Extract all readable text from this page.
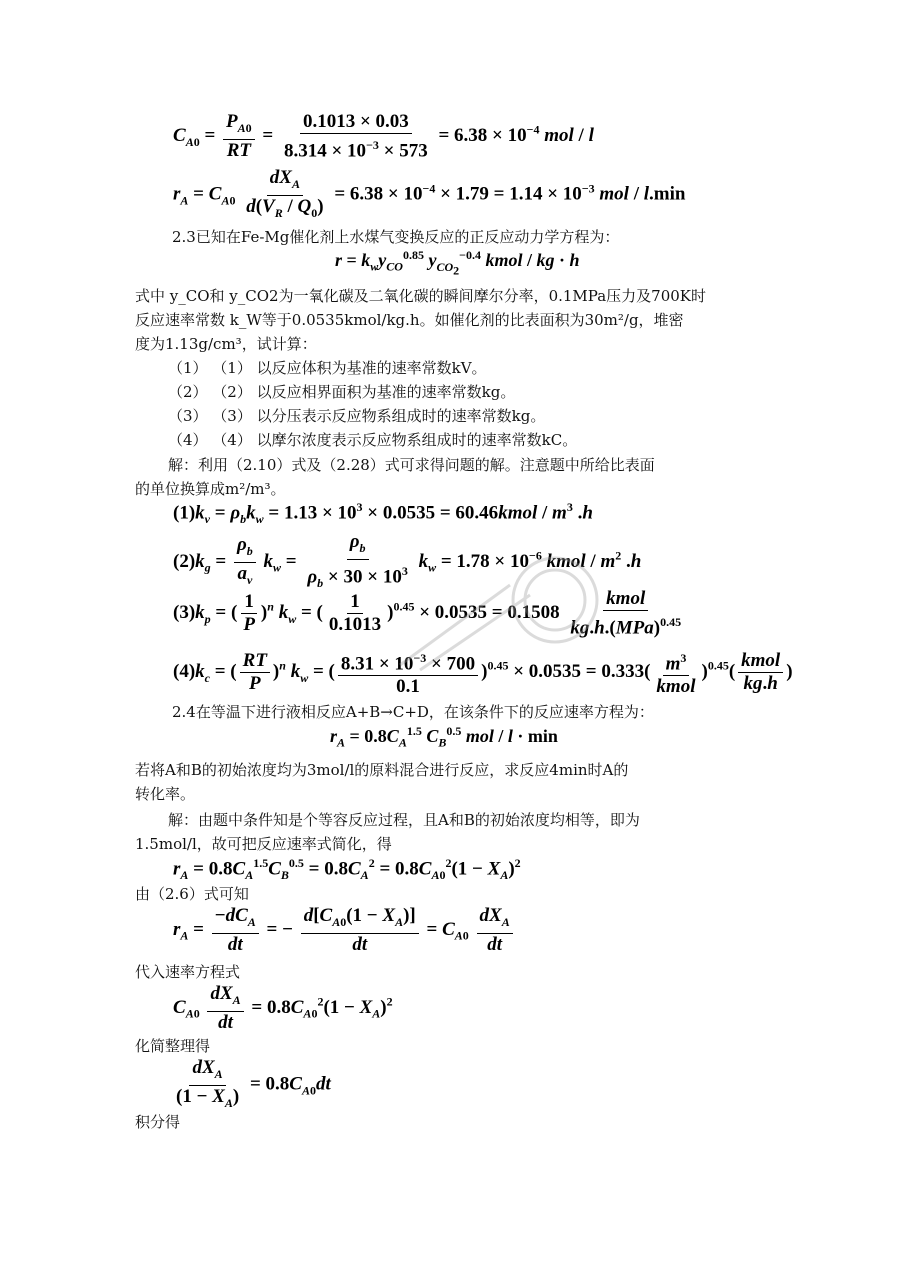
$C_{A0} = \frac{P_{A0}}{RT} = \frac{0.1013 \times 0.03}{8.314 \times 10^{-3} \times 573} = 6.38 \times 10^{-4}$ mol / l
$r_A = C_{A0} \frac{dX_A}{d(V_R / Q_0)} = 6.38 \times 10^{-4} \times 1.79 = 1.14 \times 10^{-3}$ mol / l.min
2.3已知在Fe-Mg催化剂上水煤气变换反应的正反应动力学方程为：
$r = k_wy_{CO}^{0.85}$ $y_{CO_2}^{-0.4}$ kmol / kg · h
式中 y_CO和 y_CO2为一氧化碳及二氧化碳的瞬间摩尔分率，0.1MPa压力及700K时
反应速率常数 k_W等于0.0535kmol/kg.h。如催化剂的比表面积为30m²/g，堆密
度为1.13g/cm³，试计算：
（1） （1） 以反应体积为基准的速率常数kV。
（2） （2） 以反应相界面积为基准的速率常数kg。
（3） （3） 以分压表示反应物系组成时的速率常数kg。
（4） （4） 以摩尔浓度表示反应物系组成时的速率常数kC。
解：利用（2.10）式及（2.28）式可求得问题的解。注意题中所给比表面
的单位换算成m²/m³。
$(1)k_v = \rho_bk_w = 1.13 \times 10^3 \times 0.0535$ = 60.46kmol / $m^3$ .h
$(2)k_g = \frac{\rho_b}{a_v} k_w = \frac{\rho_b}{\rho_b \times 30 \times 10^3} k_w = 1.78 \times 10^{-6}$ kmol / $m^2$ .h
$(3)k_p$ = ( $\frac{1}{P} )^n$ $k_w$ = ( $\frac{1}{0.1013} )^{0.45} \times 0.0535 = 0.1508 \frac{\text{kmol}}{kg.h.(MPa)^{0.45}}$
$(4)k_c$ = ( $\frac{RT}{P} )^n$ $k_w$ = ( $\frac{8.31 \times 10^{-3} \times 700}{0.1} )^{0.45} \times 0.0535 = 0.333( \frac{m^3}{\text{kmol}} )^{0.45}( \frac{\text{kmol}}{kg.h}$ )
2.4在等温下进行液相反应A+B→C+D，在该条件下的反应速率方程为：
$r_A = 0.8C_A^{1.5}$ $C_B^{0.5}$ mol / l · min
若将A和B的初始浓度均为3mol/l的原料混合进行反应，求反应4min时A的
转化率。
解：由题中条件知是个等容反应过程，且A和B的初始浓度均相等，即为
1.5mol/l，故可把反应速率式简化，得
$r_A = 0.8C_A^{1.5}C_B^{0.5} = 0.8C_A^2 = 0.8C_{A0}^2(1 - X_A)^2$
由（2.6）式可知
$r_A = \frac{-dC_A}{dt}$ = − $\frac{d[C_{A0}(1 - X_A)]}{dt} = C_{A0} \frac{dX_A}{dt}$
代入速率方程式
$C_{A0} \frac{dX_A}{dt} = 0.8C_{A0}^2(1 - X_A)^2$
化简整理得
$\frac{dX_A}{(1 - X_A)} = 0.8C_{A0}dt$
积分得
